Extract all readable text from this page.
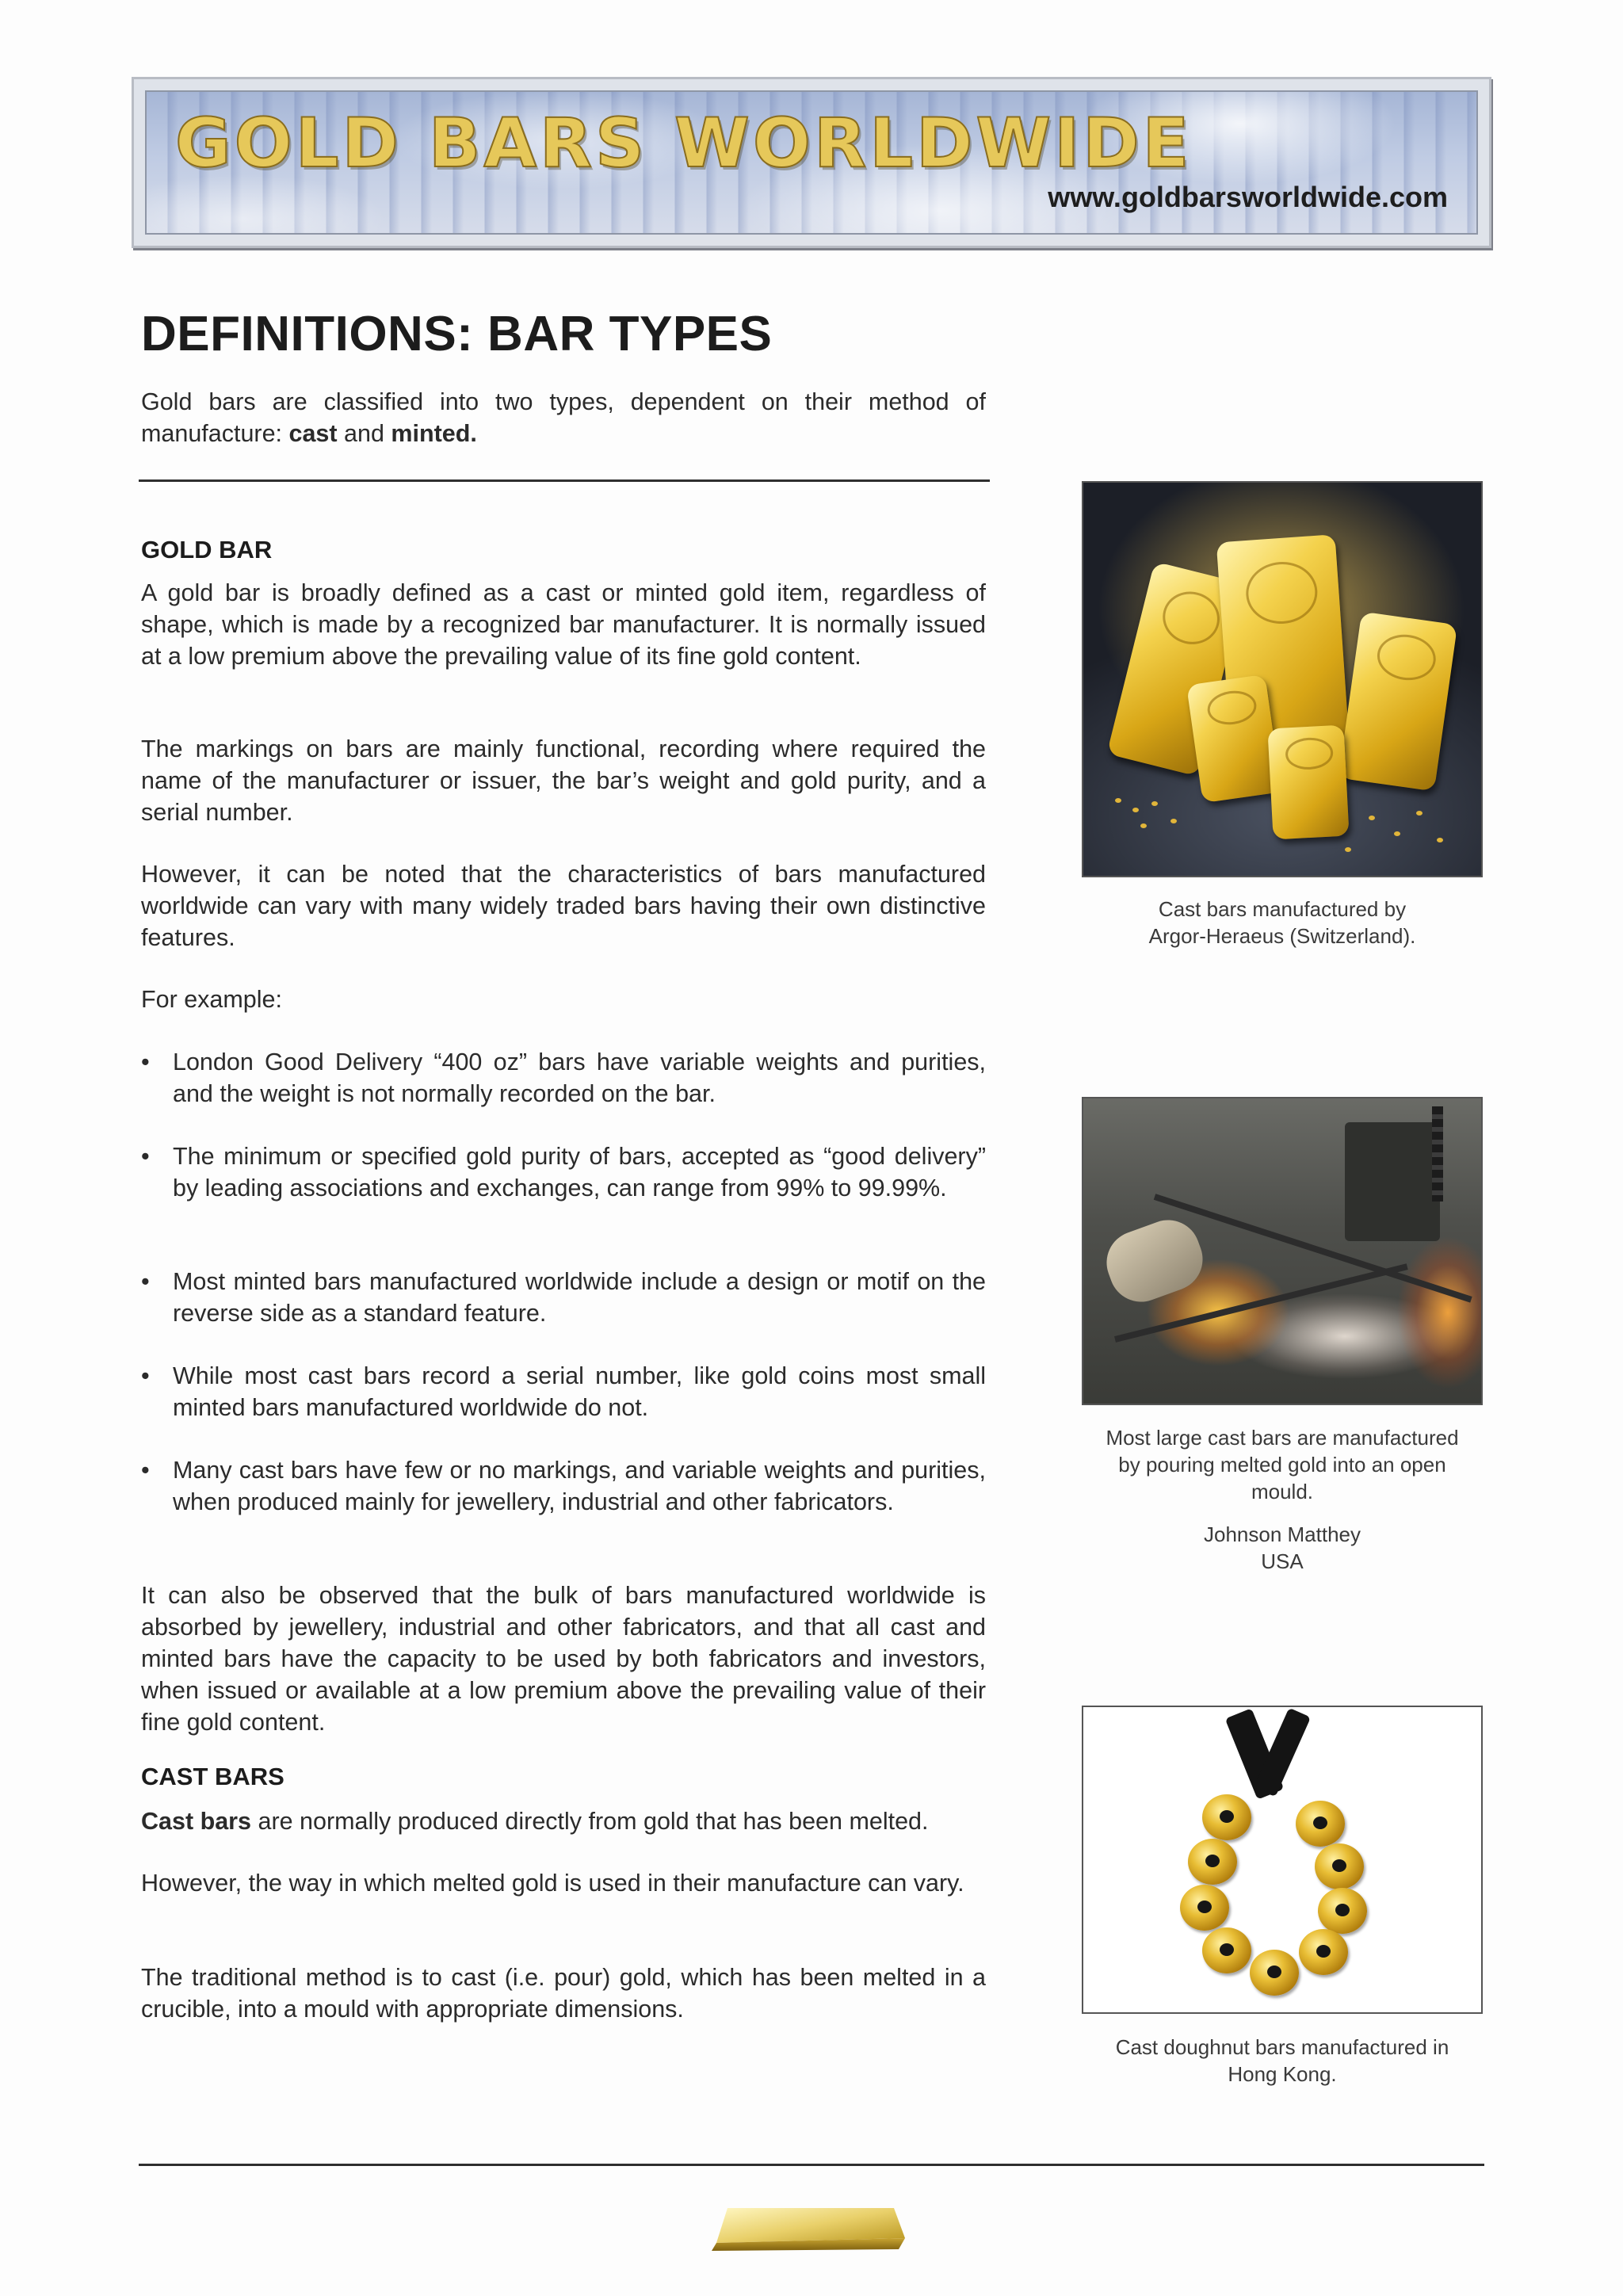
GOLD BARS WORLDWIDE
www.goldbarsworldwide.com
DEFINITIONS: BAR TYPES

Gold bars are classified into two types, dependent on their method of manufacture: cast and minted.

GOLD BAR

A gold bar is broadly defined as a cast or minted gold item, regardless of shape, which is made by a recognized bar manufacturer. It is normally issued at a low premium above the prevailing value of its fine gold content.

The markings on bars are mainly functional, recording where required the name of the manufacturer or issuer, the bar’s weight and gold purity, and a serial number.

However, it can be noted that the characteristics of bars manufactured worldwide can vary with many widely traded bars having their own distinctive features.

For example:

• London Good Delivery “400 oz” bars have variable weights and purities, and the weight is not normally recorded on the bar.
• The minimum or specified gold purity of bars, accepted as “good delivery” by leading associations and exchanges, can range from 99% to 99.99%.
• Most minted bars manufactured worldwide include a design or motif on the reverse side as a standard feature.
• While most cast bars record a serial number, like gold coins most small minted bars manufactured worldwide do not.
• Many cast bars have few or no markings, and variable weights and purities, when produced mainly for jewellery, industrial and other fabricators.

It can also be observed that the bulk of bars manufactured worldwide is absorbed by jewellery, industrial and other fabricators, and that all cast and minted bars have the capacity to be used by both fabricators and investors, when issued or available at a low premium above the prevailing value of their fine gold content.

CAST BARS

Cast bars are normally produced directly from gold that has been melted.

However, the way in which melted gold is used in their manufacture can vary.

The traditional method is to cast (i.e. pour) gold, which has been melted in a crucible, into a mould with appropriate dimensions.

Cast bars manufactured by
Argor-Heraeus (Switzerland).

Most large cast bars are manufactured
by pouring melted gold into an open
mould.

Johnson Matthey
USA

Cast doughnut bars manufactured in
Hong Kong.
